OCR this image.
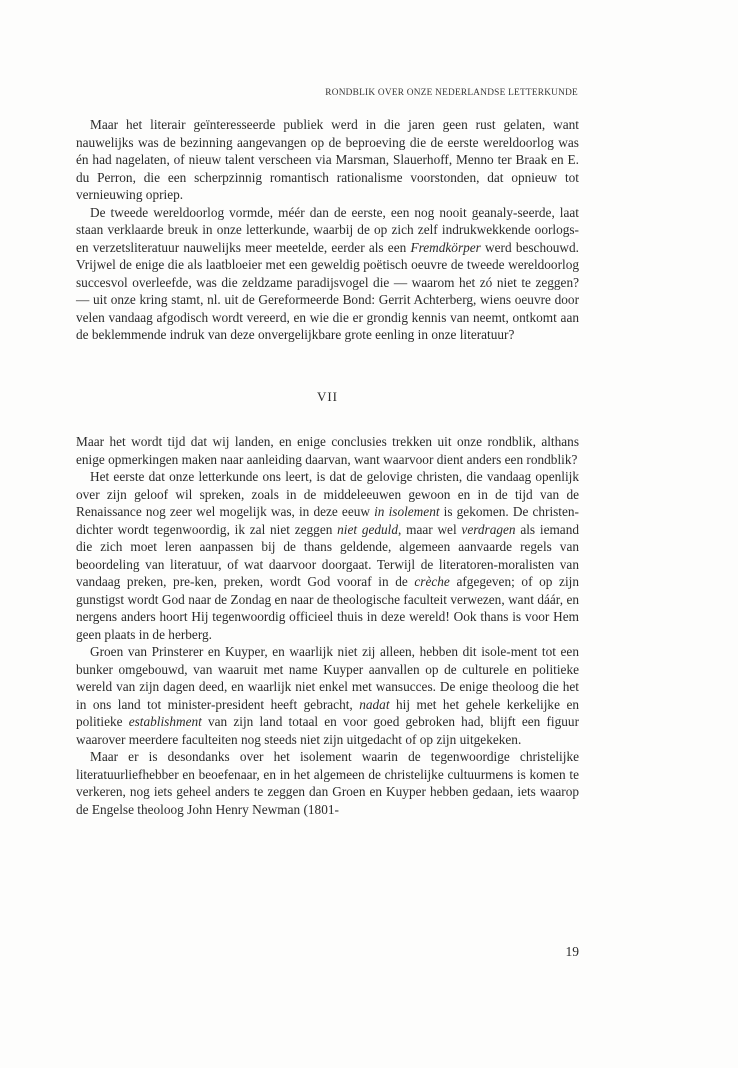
RONDBLIK OVER ONZE NEDERLANDSE LETTERKUNDE

Maar het literair geïnteresseerde publiek werd in die jaren geen rust gelaten, want nauwelijks was de bezinning aangevangen op de beproeving die de eerste wereldoorlog was én had nagelaten, of nieuw talent verscheen via Marsman, Slauerhoff, Menno ter Braak en E. du Perron, die een scherpzinnig romantisch rationalisme voorstonden, dat opnieuw tot vernieuwing opriep.

De tweede wereldoorlog vormde, méér dan de eerste, een nog nooit geanaly-seerde, laat staan verklaarde breuk in onze letterkunde, waarbij de op zich zelf indrukwekkende oorlogs- en verzetsliteratuur nauwelijks meer meetelde, eerder als een Fremdkörper werd beschouwd. Vrijwel de enige die als laatbloeier met een geweldig poëtisch oeuvre de tweede wereldoorlog succesvol overleefde, was die zeldzame paradijsvogel die — waarom het zó niet te zeggen? — uit onze kring stamt, nl. uit de Gereformeerde Bond: Gerrit Achterberg, wiens oeuvre door velen vandaag afgodisch wordt vereerd, en wie die er grondig kennis van neemt, ontkomt aan de beklemmende indruk van deze onvergelijkbare grote eenling in onze literatuur?

VII

Maar het wordt tijd dat wij landen, en enige conclusies trekken uit onze rondblik, althans enige opmerkingen maken naar aanleiding daarvan, want waarvoor dient anders een rondblik?

Het eerste dat onze letterkunde ons leert, is dat de gelovige christen, die vandaag openlijk over zijn geloof wil spreken, zoals in de middeleeuwen gewoon en in de tijd van de Renaissance nog zeer wel mogelijk was, in deze eeuw in isolement is gekomen. De christen-dichter wordt tegenwoordig, ik zal niet zeggen niet geduld, maar wel verdragen als iemand die zich moet leren aanpassen bij de thans geldende, algemeen aanvaarde regels van beoordeling van literatuur, of wat daarvoor doorgaat. Terwijl de literatoren-moralisten van vandaag preken, pre-ken, preken, wordt God vooraf in de crèche afgegeven; of op zijn gunstigst wordt God naar de Zondag en naar de theologische faculteit verwezen, want dáár, en nergens anders hoort Hij tegenwoordig officieel thuis in deze wereld! Ook thans is voor Hem geen plaats in de herberg.

Groen van Prinsterer en Kuyper, en waarlijk niet zij alleen, hebben dit isole-ment tot een bunker omgebouwd, van waaruit met name Kuyper aanvallen op de culturele en politieke wereld van zijn dagen deed, en waarlijk niet enkel met wansucces. De enige theoloog die het in ons land tot minister-president heeft gebracht, nadat hij met het gehele kerkelijke en politieke establishment van zijn land totaal en voor goed gebroken had, blijft een figuur waarover meerdere faculteiten nog steeds niet zijn uitgedacht of op zijn uitgekeken.

Maar er is desondanks over het isolement waarin de tegenwoordige christelijke literatuurliefhebber en beoefenaar, en in het algemeen de christelijke cultuurmens is komen te verkeren, nog iets geheel anders te zeggen dan Groen en Kuyper hebben gedaan, iets waarop de Engelse theoloog John Henry Newman (1801-

19
